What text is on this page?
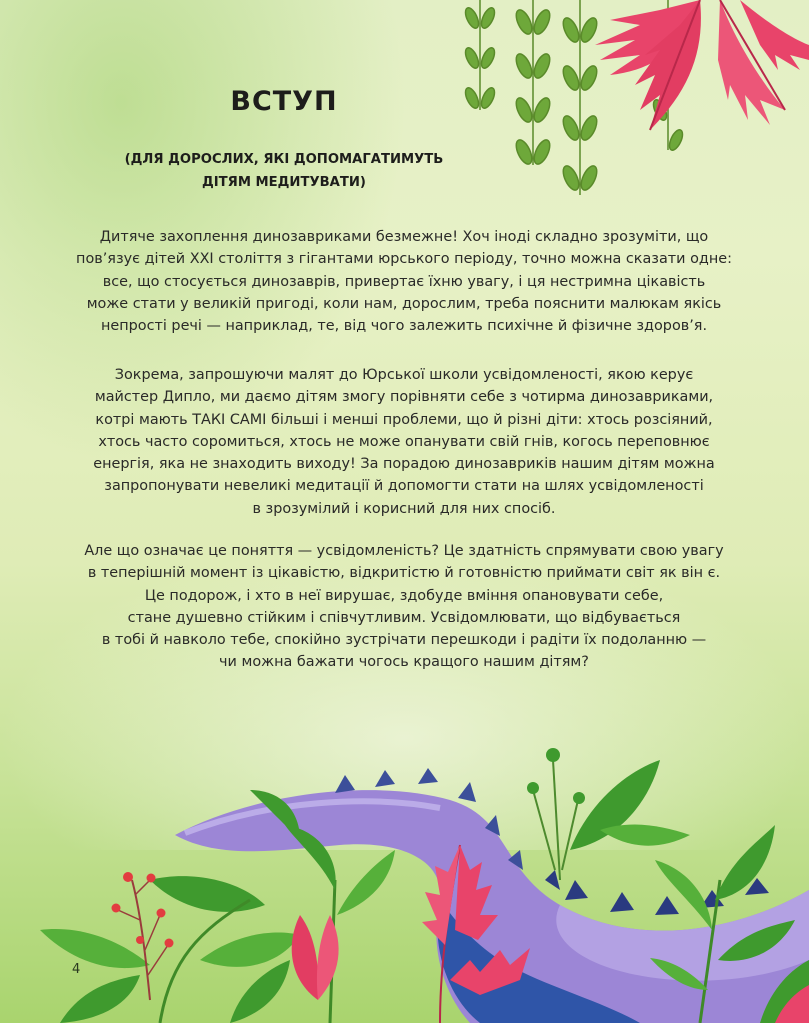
ВСТУП
(ДЛЯ ДОРОСЛИХ, ЯКІ ДОПОМАГАТИМУТЬ
ДІТЯМ МЕДИТУВАТИ)
Дитяче захоплення динозавриками безмежне! Хоч іноді складно зрозуміти, що
пов’язує дітей XXI століття з гігантами юрського періоду, точно можна сказати одне:
все, що стосується динозаврів, привертає їхню увагу, і ця нестримна цікавість
може стати у великій пригоді, коли нам, дорослим, треба пояснити малюкам якісь
непрості речі — наприклад, те, від чого залежить психічне й фізичне здоров’я.
Зокрема, запрошуючи малят до Юрської школи усвідомленості, якою керує
майстер Дипло, ми даємо дітям змогу порівняти себе з чотирма динозавриками,
котрі мають ТАКІ САМІ більші і менші проблеми, що й різні діти: хтось розсіяний,
хтось часто соромиться, хтось не може опанувати свій гнів, когось переповнює
енергія, яка не знаходить виходу! За порадою динозавриків нашим дітям можна
запропонувати невеликі медитації й допомогти стати на шлях усвідомленості
в зрозумілий і корисний для них спосіб.
Але що означає це поняття — усвідомленість? Це здатність спрямувати свою увагу
в теперішній момент із цікавістю, відкритістю й готовністю приймати світ як він є.
Це подорож, і хто в неї вирушає, здобуде вміння опановувати себе,
стане душевно стійким і співчутливим. Усвідомлювати, що відбувається
в тобі й навколо тебе, спокійно зустрічати перешкоди і радіти їх подоланню —
чи можна бажати чогось кращого нашим дітям?
4
